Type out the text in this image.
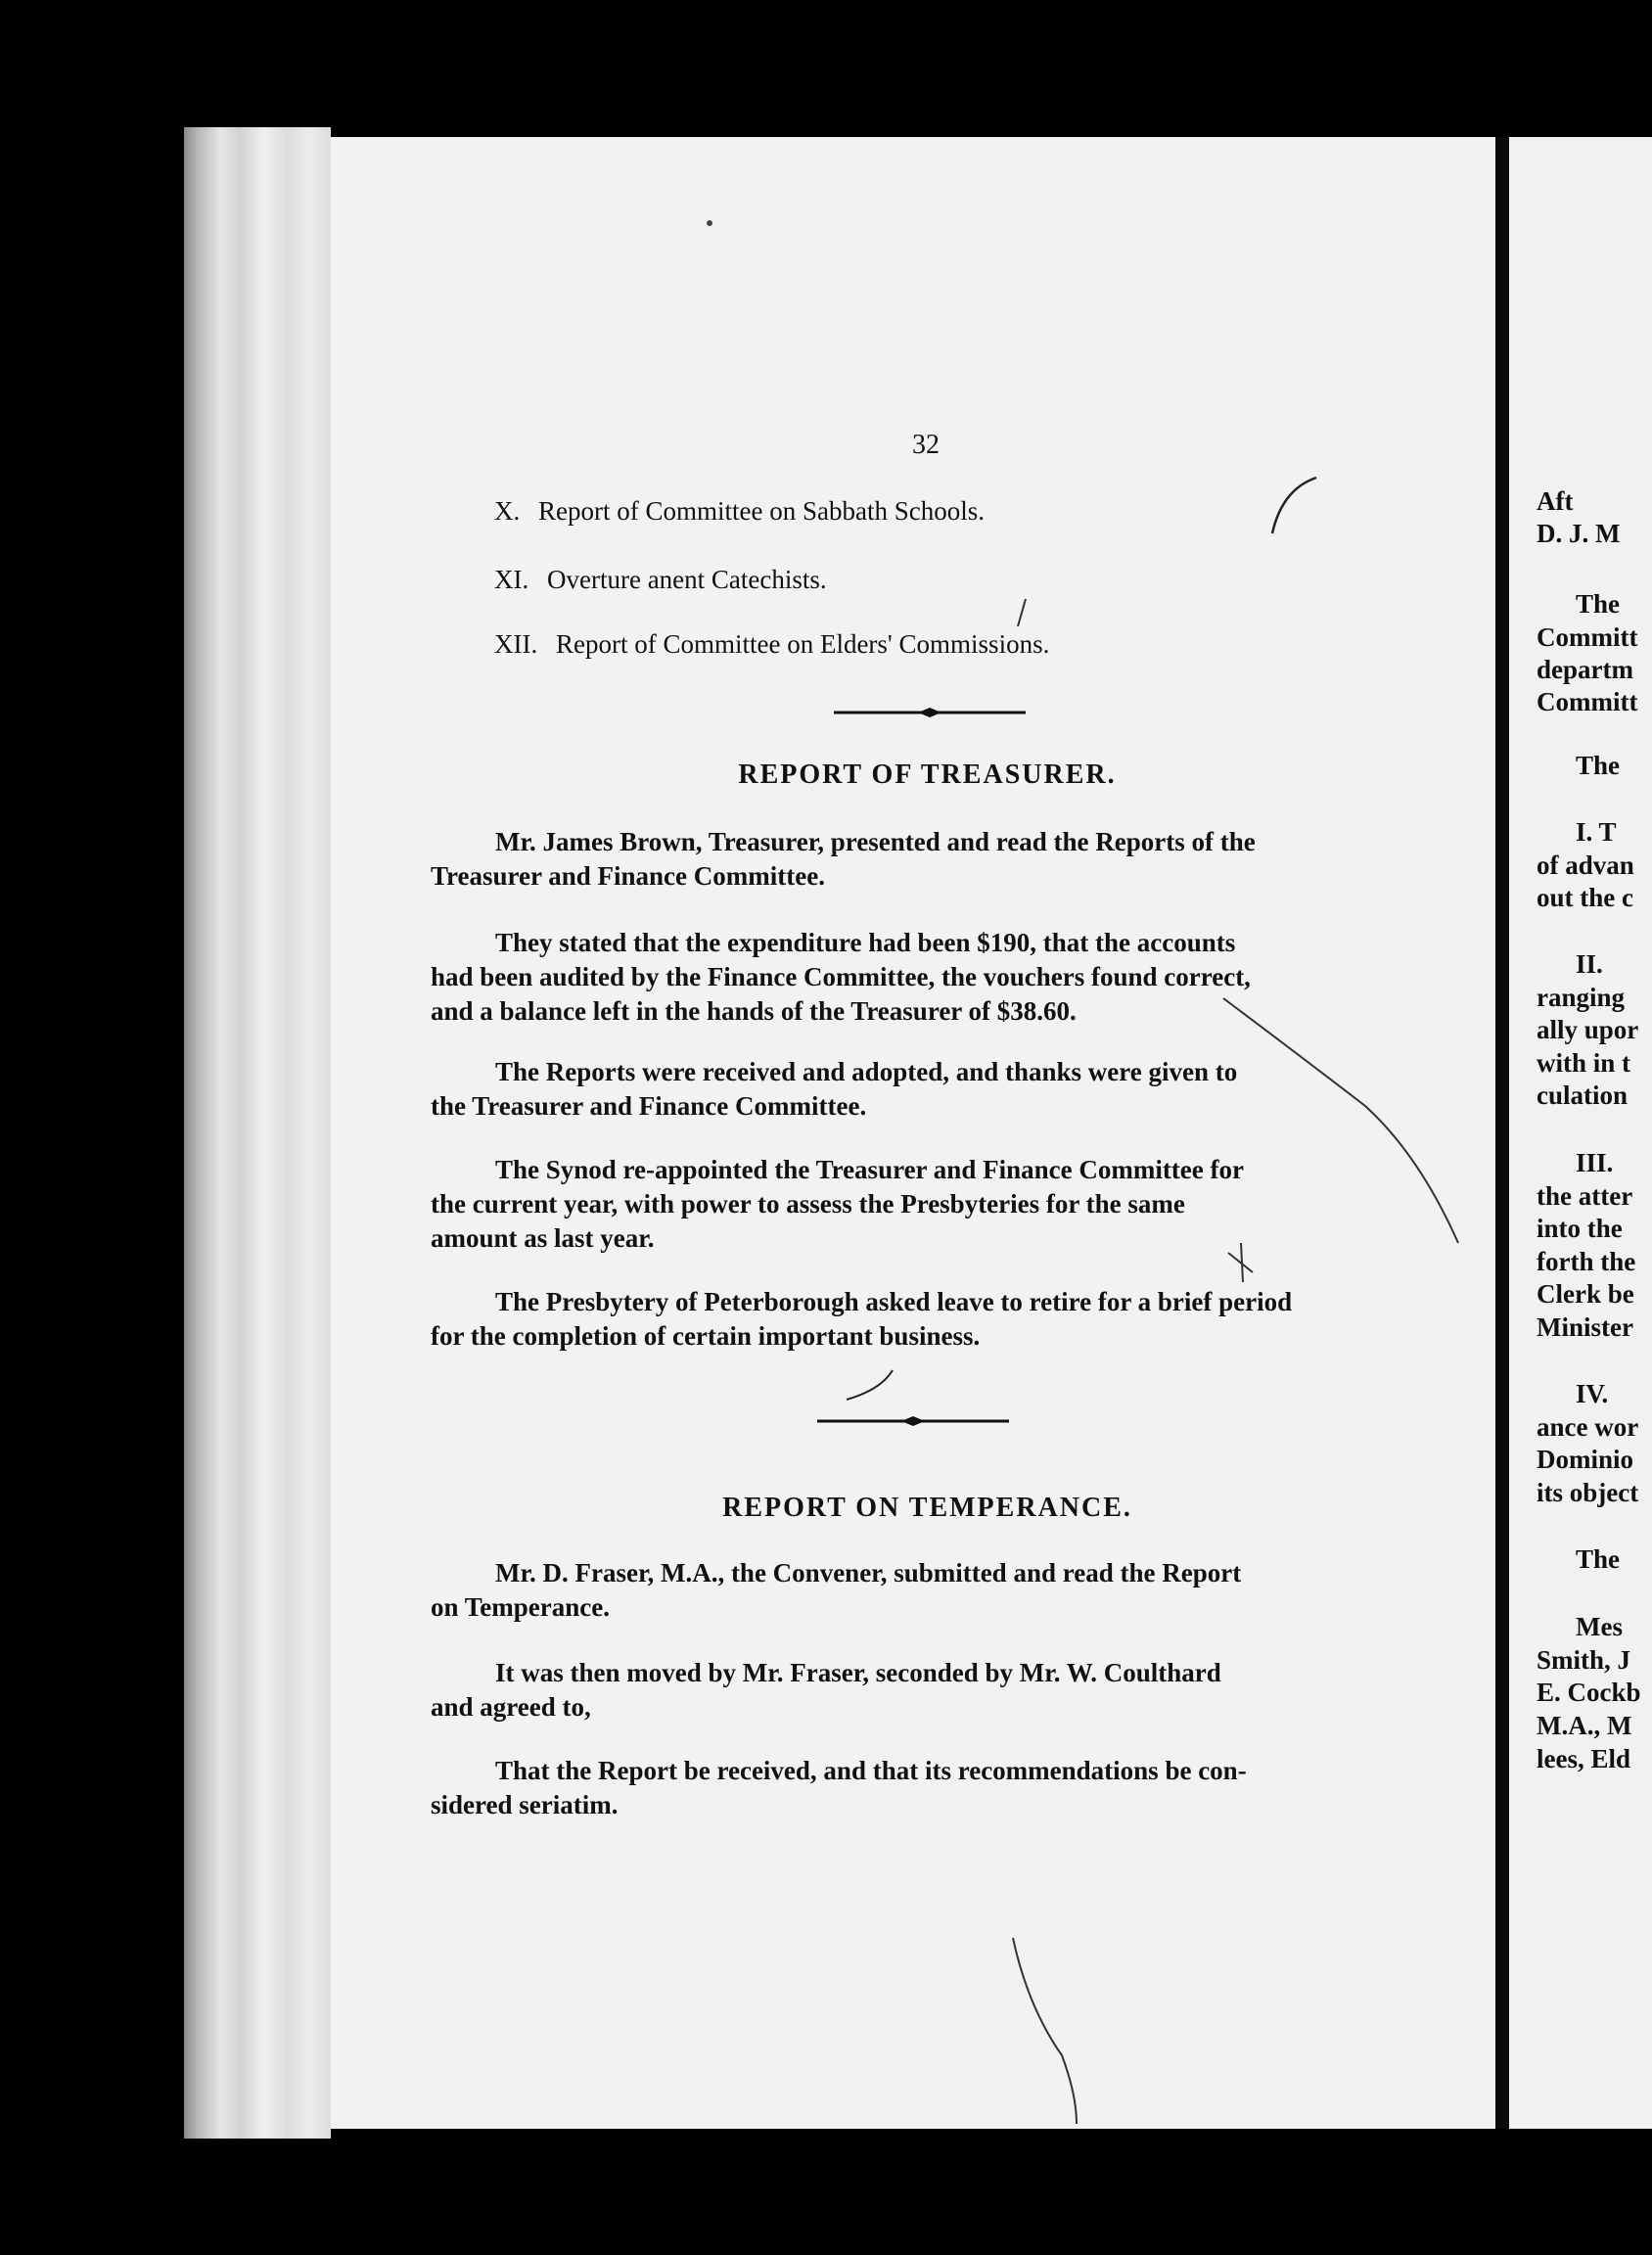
Aft
D. J. M
The
Committ
departm
Committ
The
I. T
of advan
out the c
II.
ranging
ally upor
with in t
culation
III.
the atter
into the
forth the
Clerk be
Minister
IV.
ance wor
Dominio
its object
The
Mes
Smith, J
E. Cockb
M.A., M
lees, Eld
32
X. Report of Committee on Sabbath Schools.
XI. Overture anent Catechists.
XII. Report of Committee on Elders' Commissions.
REPORT OF TREASURER.
Mr. James Brown, Treasurer, presented and read the Reports of the
Treasurer and Finance Committee.
They stated that the expenditure had been $190, that the accounts
had been audited by the Finance Committee, the vouchers found correct,
and a balance left in the hands of the Treasurer of $38.60.
The Reports were received and adopted, and thanks were given to
the Treasurer and Finance Committee.
The Synod re-appointed the Treasurer and Finance Committee for
the current year, with power to assess the Presbyteries for the same
amount as last year.
The Presbytery of Peterborough asked leave to retire for a brief period
for the completion of certain important business.
REPORT ON TEMPERANCE.
Mr. D. Fraser, M.A., the Convener, submitted and read the Report
on Temperance.
It was then moved by Mr. Fraser, seconded by Mr. W. Coulthard
and agreed to,
That the Report be received, and that its recommendations be con-
sidered seriatim.
